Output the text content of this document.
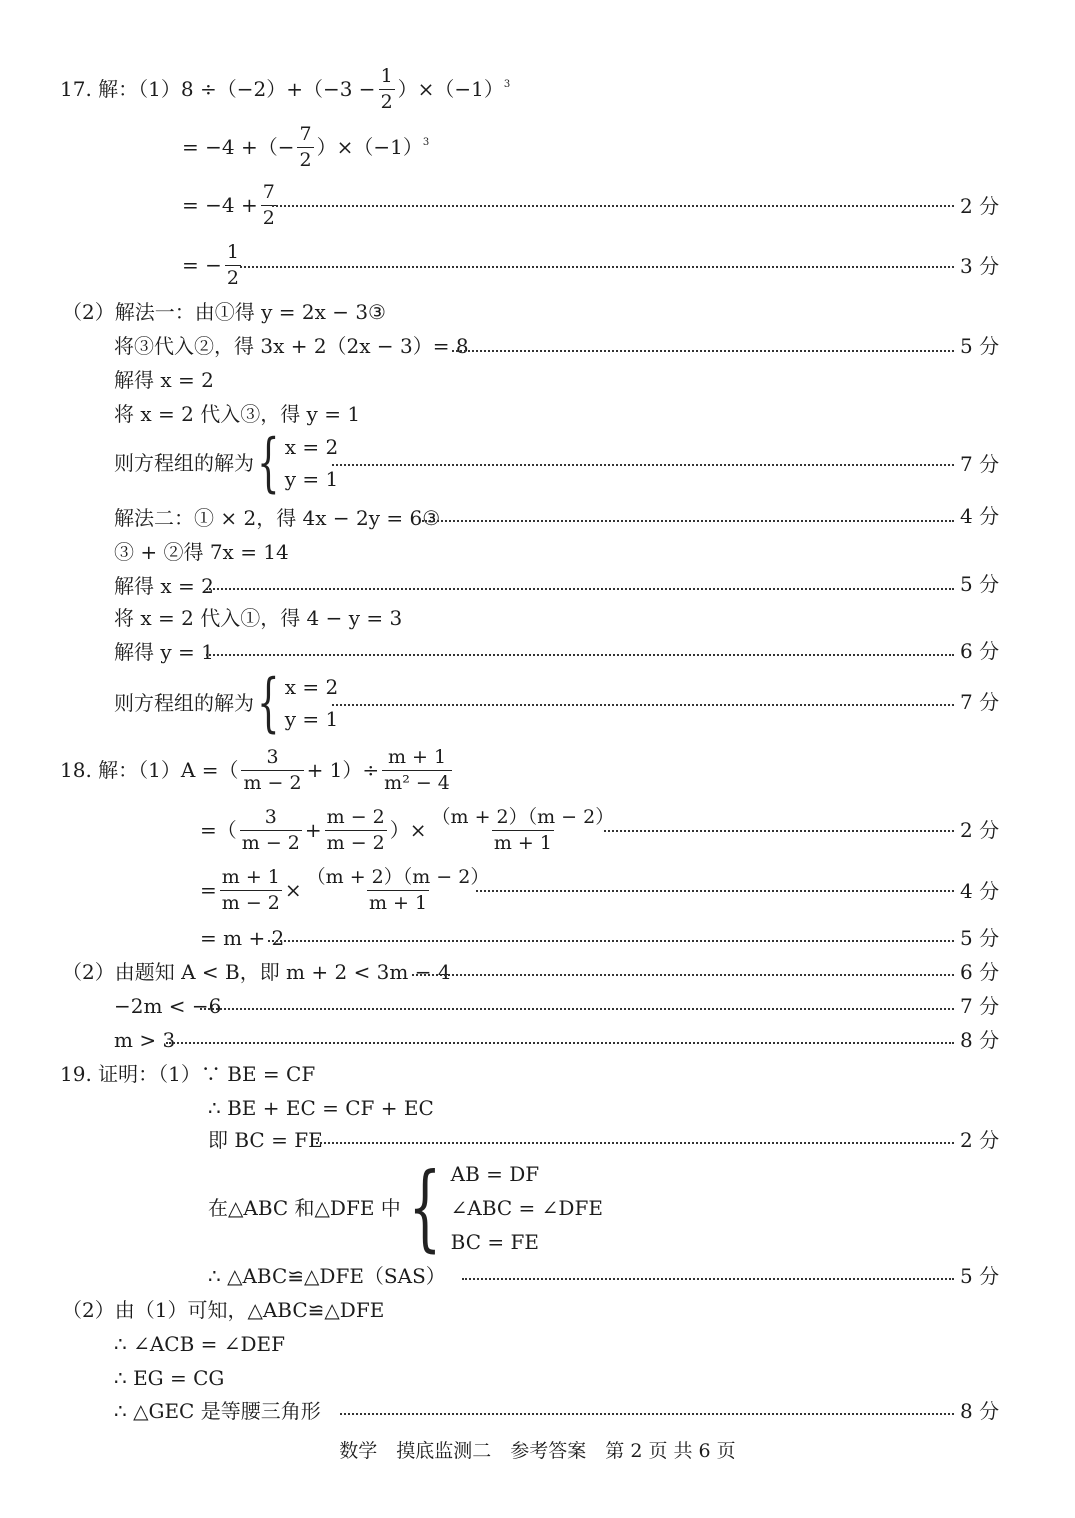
17. 解：$(1)8 \div(-2)+(-3 - \frac{1}{2} )\times(-1)^3$
= −4 +（− $\frac{7}{2} )\times(-1)^3$
= $-4 + \frac{7}{2}$	2 分
= − $\frac{1}{2}$	3 分
（2）解法一：由①得 y = 2x − 3③
将③代入②，得 3x + 2（2x − 3）= 8	5 分
解得 x = 2
将 x = 2 代入③，得 y = 1
则方程组的解为 { x = 2
y = 1
7 分
解法二：① × 2，得 4x − 2y = 6③	4 分
③ + ②得 7x = 14
解得 x = 2	5 分
将 x = 2 代入①，得 4 − y = 3
解得 y = 1	6 分
则方程组的解为 { x = 2
y = 1
7 分
18. 解：（1）A =（ $\frac{3}{m - 2} + 1)\div \frac{m + 1}{\text{m² − 4}}$
=（ $\frac{3}{m - 2} + \frac{m - 2}{m - 2}$ ）× $\frac{(m + 2)(m - 2)}{m + 1}$	2 分
= $\frac{m + 1}{m - 2} \times \frac{(m + 2)(m - 2)}{m + 1}$	4 分
= m + 2	5 分
（2）由题知 A < B，即 m + 2 < 3m − 4	6 分
−2m < −6	7 分
m > 3	8 分
19. 证明：（1）∵ BE = CF
∴ BE + EC = CF + EC
即 BC = FE	2 分
在△ABC 和△DFE 中 { AB = DF
∠ABC = ∠DFE
BC = FE
∴ △ABC≌△DFE（SAS）	5 分
（2）由（1）可知，△ABC≌△DFE
∴ ∠ACB = ∠DEF
∴ EG = CG
∴ △GEC 是等腰三角形	8 分
数学　摸底监测二　参考答案　第 2 页 共 6 页
